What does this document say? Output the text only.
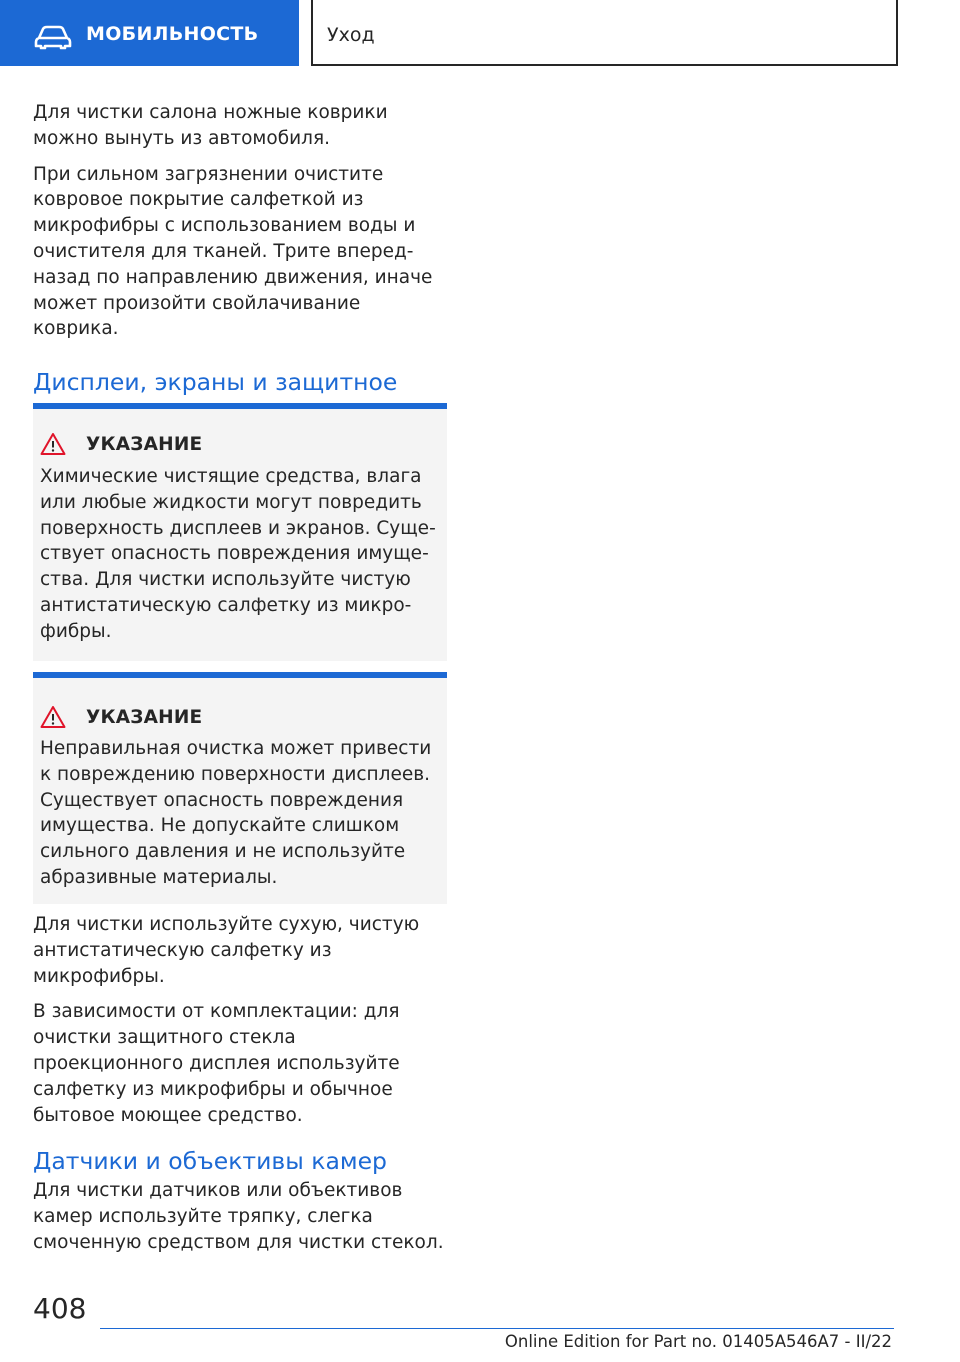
МОБИЛЬНОСТЬ	Уход

Для чистки салона ножные коврики можно вынуть из автомобиля.

При сильном загрязнении очистите ковровое покрытие салфеткой из микрофибры с использованием воды и очистителя для тканей. Трите вперед-назад по направлению движения, иначе может произойти свойлачивание коврика.

Дисплеи, экраны и защитное
УКАЗАНИЕ

Химические чистящие средства, влага или любые жидкости могут повредить поверхность дисплеев и экранов. Существует опасность повреждения имущества. Для чистки используйте чистую антистатическую салфетку из микрофибры.

УКАЗАНИЕ

Неправильная очистка может привести к повреждению поверхности дисплеев. Существует опасность повреждения имущества. Не допускайте слишком сильного давления и не используйте абразивные материалы.

Для чистки используйте сухую, чистую антистатическую салфетку из микрофибры.

В зависимости от комплектации: для очистки защитного стекла проекционного дисплея используйте салфетку из микрофибры и обычное бытовое моющее средство.

Датчики и объективы камер

Для чистки датчиков или объективов камер используйте тряпку, слегка смоченную средством для чистки стекол.

408
Online Edition for Part no. 01405A546A7 - II/22
